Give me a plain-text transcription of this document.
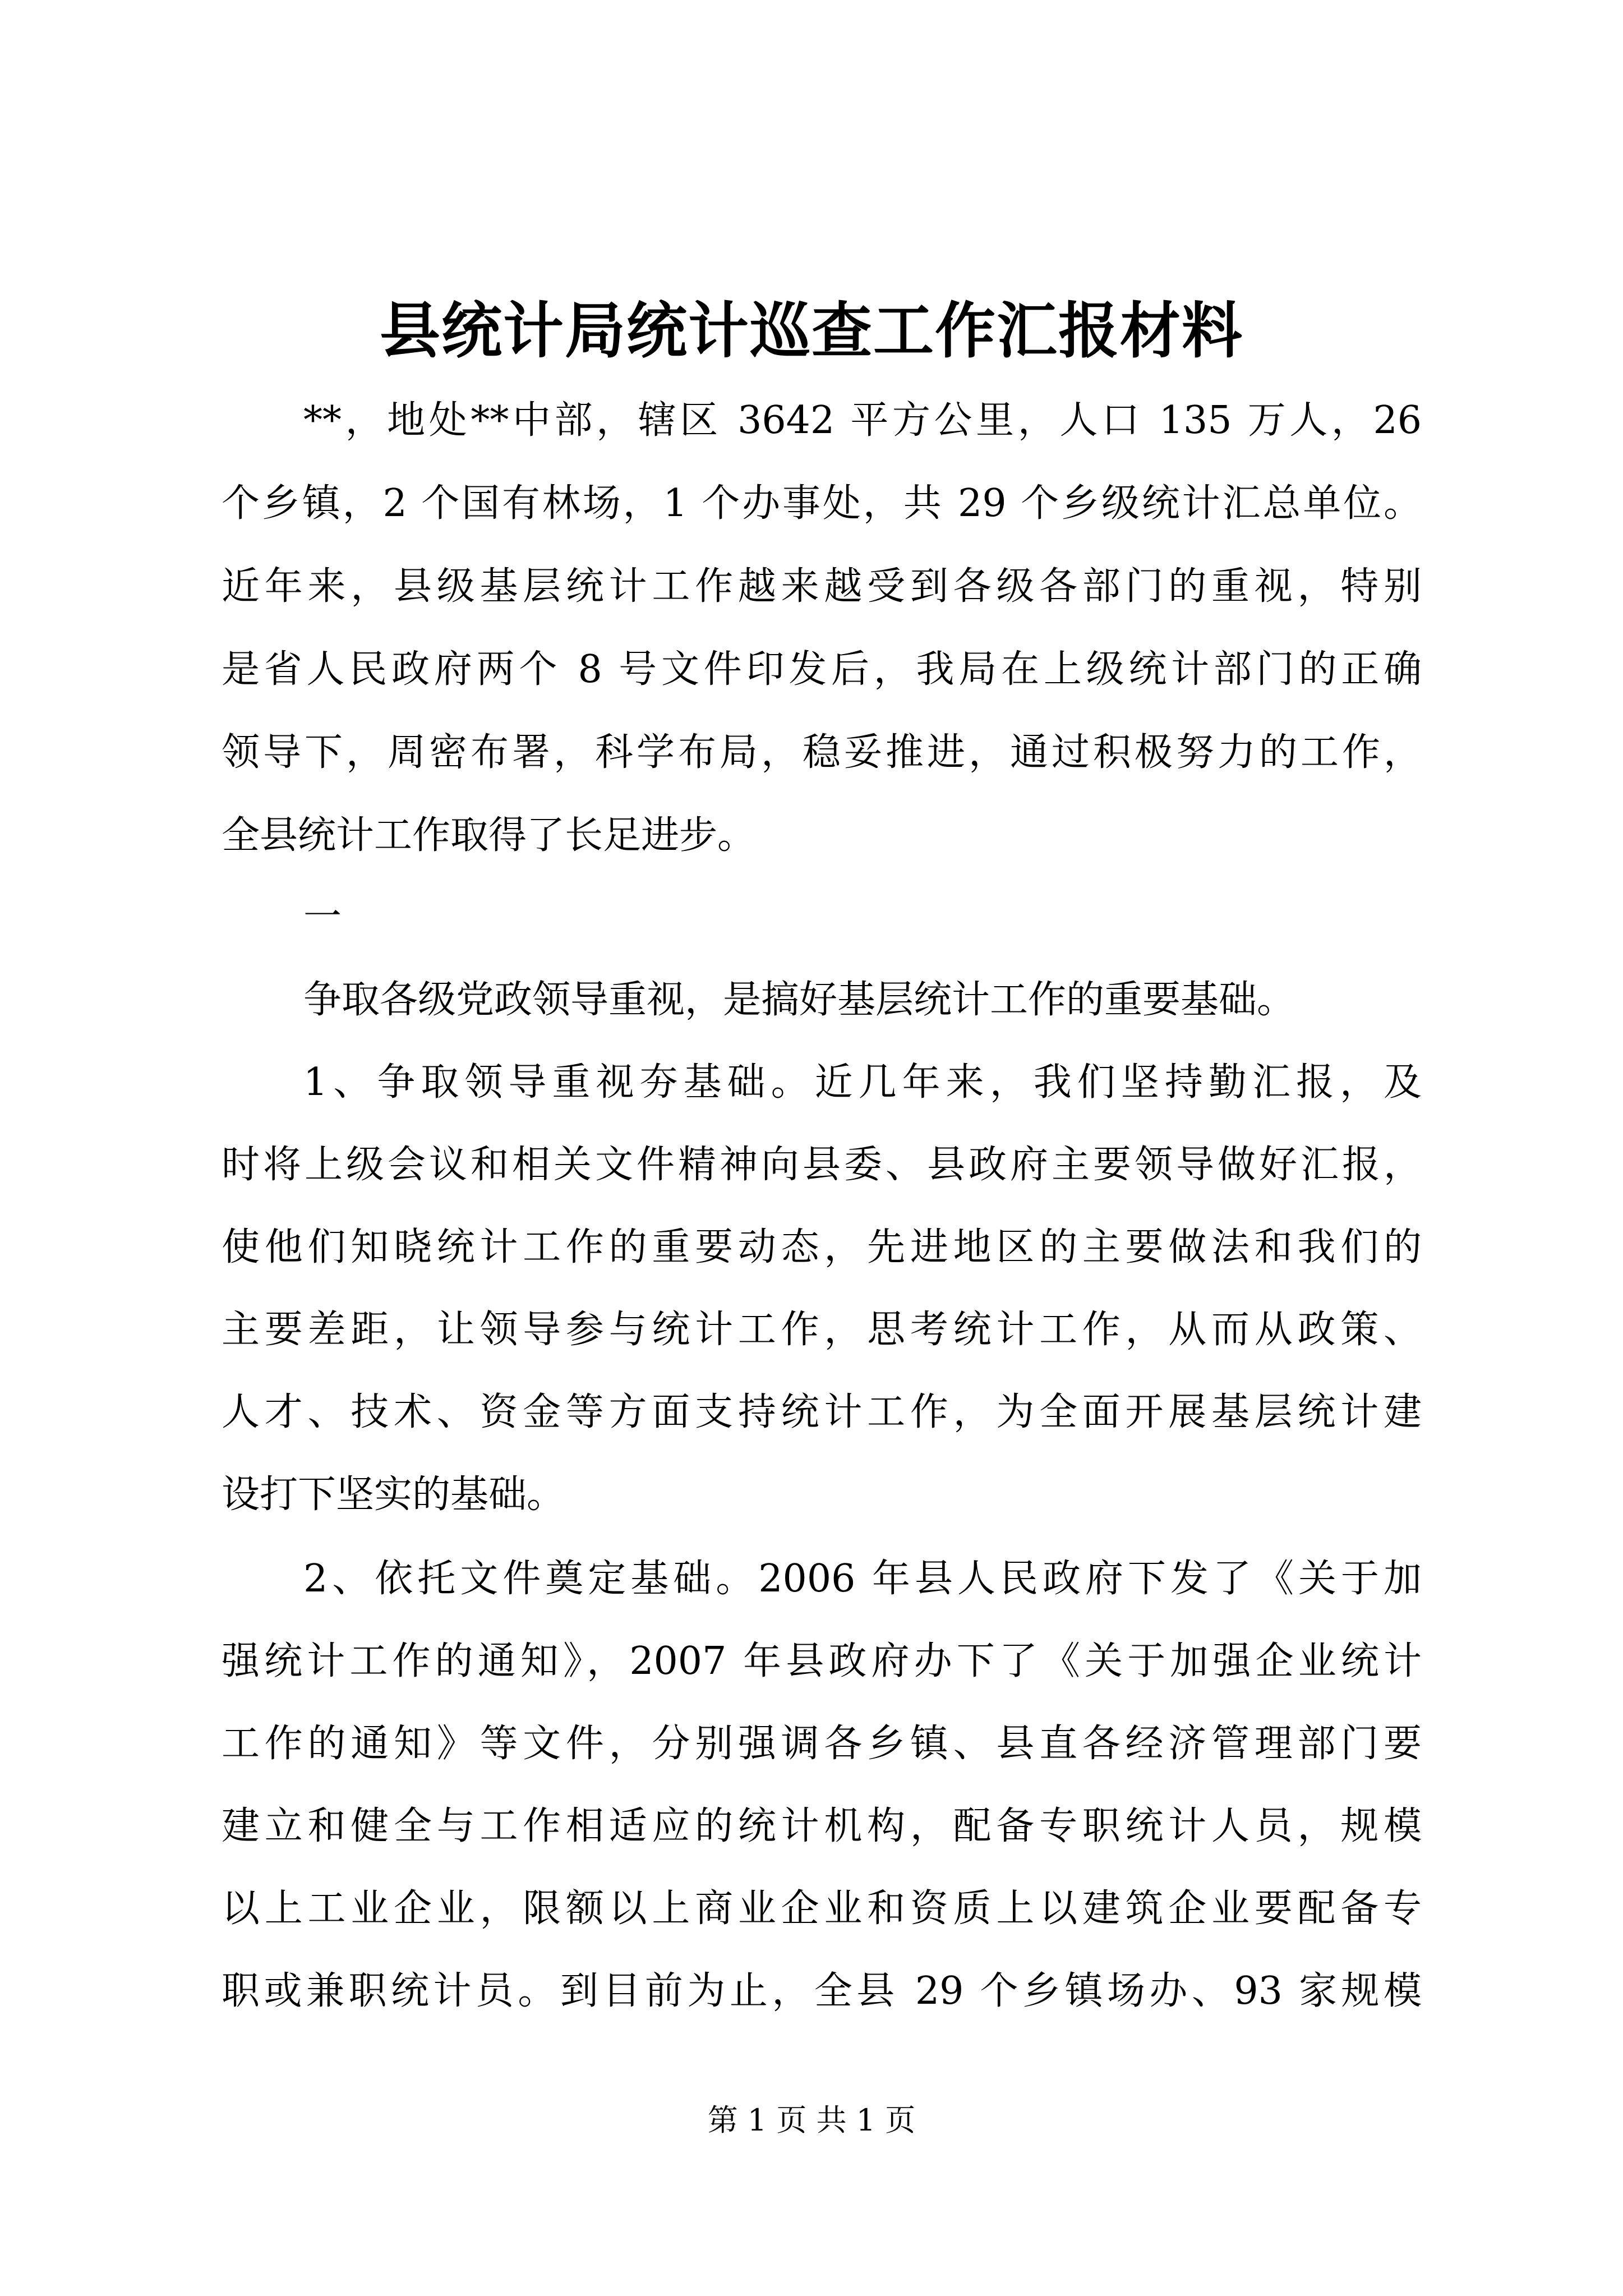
县统计局统计巡查工作汇报材料
**，地处**中部，辖区 3642 平方公里，人口 135 万人，26
个乡镇，2 个国有林场，1 个办事处，共 29 个乡级统计汇总单位。
近年来，县级基层统计工作越来越受到各级各部门的重视，特别
是省人民政府两个 8 号文件印发后，我局在上级统计部门的正确
领导下，周密布署，科学布局，稳妥推进，通过积极努力的工作，
全县统计工作取得了长足进步。
一
争取各级党政领导重视，是搞好基层统计工作的重要基础。
1、争取领导重视夯基础。近几年来，我们坚持勤汇报，及
时将上级会议和相关文件精神向县委、县政府主要领导做好汇报，
使他们知晓统计工作的重要动态，先进地区的主要做法和我们的
主要差距，让领导参与统计工作，思考统计工作，从而从政策、
人才、技术、资金等方面支持统计工作，为全面开展基层统计建
设打下坚实的基础。
2、依托文件奠定基础。2006 年县人民政府下发了《关于加
强统计工作的通知》，2007 年县政府办下了《关于加强企业统计
工作的通知》等文件，分别强调各乡镇、县直各经济管理部门要
建立和健全与工作相适应的统计机构，配备专职统计人员，规模
以上工业企业，限额以上商业企业和资质上以建筑企业要配备专
职或兼职统计员。到目前为止，全县 29 个乡镇场办、93 家规模
第 1 页 共 1 页
